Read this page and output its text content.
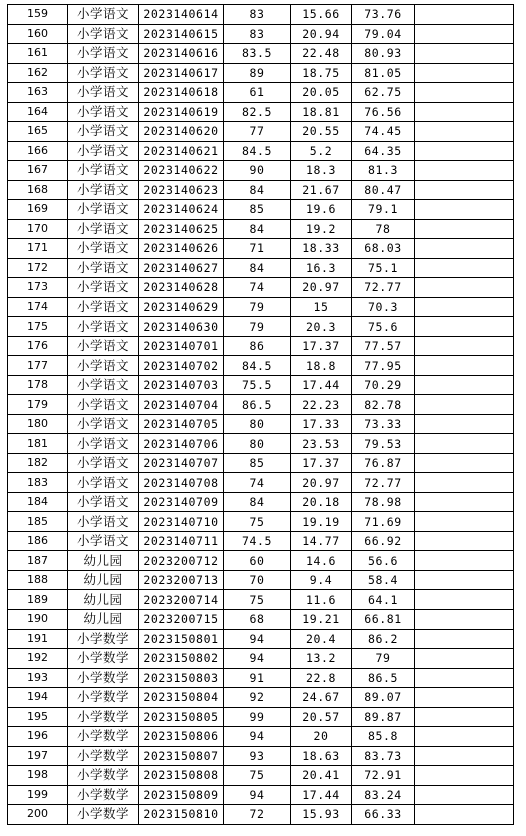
159	小学语文	2023140614	83	15.66	73.76	
160	小学语文	2023140615	83	20.94	79.04	
161	小学语文	2023140616	83.5	22.48	80.93	
162	小学语文	2023140617	89	18.75	81.05	
163	小学语文	2023140618	61	20.05	62.75	
164	小学语文	2023140619	82.5	18.81	76.56	
165	小学语文	2023140620	77	20.55	74.45	
166	小学语文	2023140621	84.5	5.2	64.35	
167	小学语文	2023140622	90	18.3	81.3	
168	小学语文	2023140623	84	21.67	80.47	
169	小学语文	2023140624	85	19.6	79.1	
170	小学语文	2023140625	84	19.2	78	
171	小学语文	2023140626	71	18.33	68.03	
172	小学语文	2023140627	84	16.3	75.1	
173	小学语文	2023140628	74	20.97	72.77	
174	小学语文	2023140629	79	15	70.3	
175	小学语文	2023140630	79	20.3	75.6	
176	小学语文	2023140701	86	17.37	77.57	
177	小学语文	2023140702	84.5	18.8	77.95	
178	小学语文	2023140703	75.5	17.44	70.29	
179	小学语文	2023140704	86.5	22.23	82.78	
180	小学语文	2023140705	80	17.33	73.33	
181	小学语文	2023140706	80	23.53	79.53	
182	小学语文	2023140707	85	17.37	76.87	
183	小学语文	2023140708	74	20.97	72.77	
184	小学语文	2023140709	84	20.18	78.98	
185	小学语文	2023140710	75	19.19	71.69	
186	小学语文	2023140711	74.5	14.77	66.92	
187	幼儿园	2023200712	60	14.6	56.6	
188	幼儿园	2023200713	70	9.4	58.4	
189	幼儿园	2023200714	75	11.6	64.1	
190	幼儿园	2023200715	68	19.21	66.81	
191	小学数学	2023150801	94	20.4	86.2	
192	小学数学	2023150802	94	13.2	79	
193	小学数学	2023150803	91	22.8	86.5	
194	小学数学	2023150804	92	24.67	89.07	
195	小学数学	2023150805	99	20.57	89.87	
196	小学数学	2023150806	94	20	85.8	
197	小学数学	2023150807	93	18.63	83.73	
198	小学数学	2023150808	75	20.41	72.91	
199	小学数学	2023150809	94	17.44	83.24	
200	小学数学	2023150810	72	15.93	66.33	
